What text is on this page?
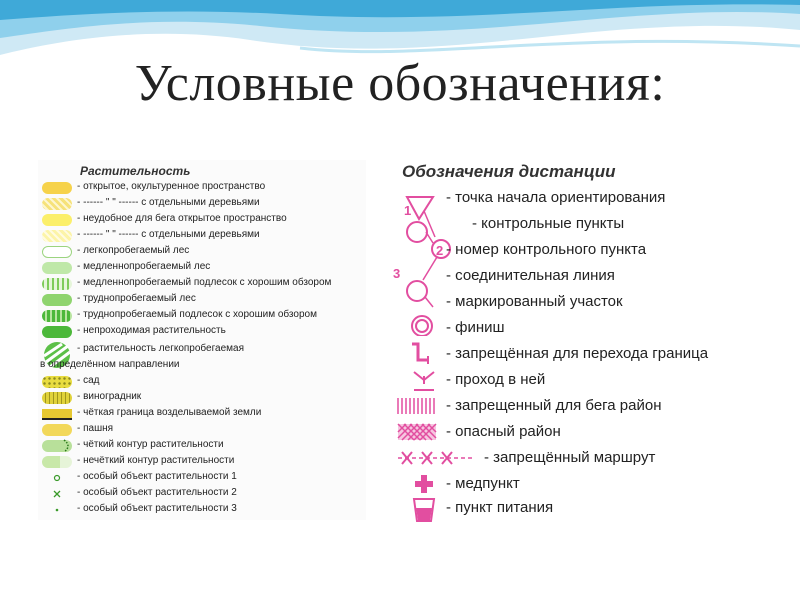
Условные обозначения:
Растительность
- открытое, окультуренное пространство
- ------ " " ------ с отдельными деревьями
- неудобное для бега открытое пространство
- ------ " " ------ с отдельными деревьями
- легкопробегаемый лес
- медленнопробегаемый лес
- медленнопробегаемый подлесок с хорошим обзором
- труднопробегаемый лес
- труднопробегаемый подлесок с хорошим обзором
- непроходимая растительность
- растительность легкопробегаемая
в определённом направлении
- сад
- виноградник
- чёткая граница возделываемой земли
- пашня
- чёткий контур растительности
- нечёткий контур растительности
- особый объект растительности 1
- особый объект растительности 2
- особый объект растительности 3
Обозначения дистанции
1
2
3
- точка начала ориентирования
- контрольные пункты
- номер контрольного пункта
- соединительная линия
- маркированный участок
- финиш
- запрещённая для перехода граница
- проход в ней
- запрещенный для бега район
- опасный район
- запрещённый маршрут
- медпункт
- пункт питания
